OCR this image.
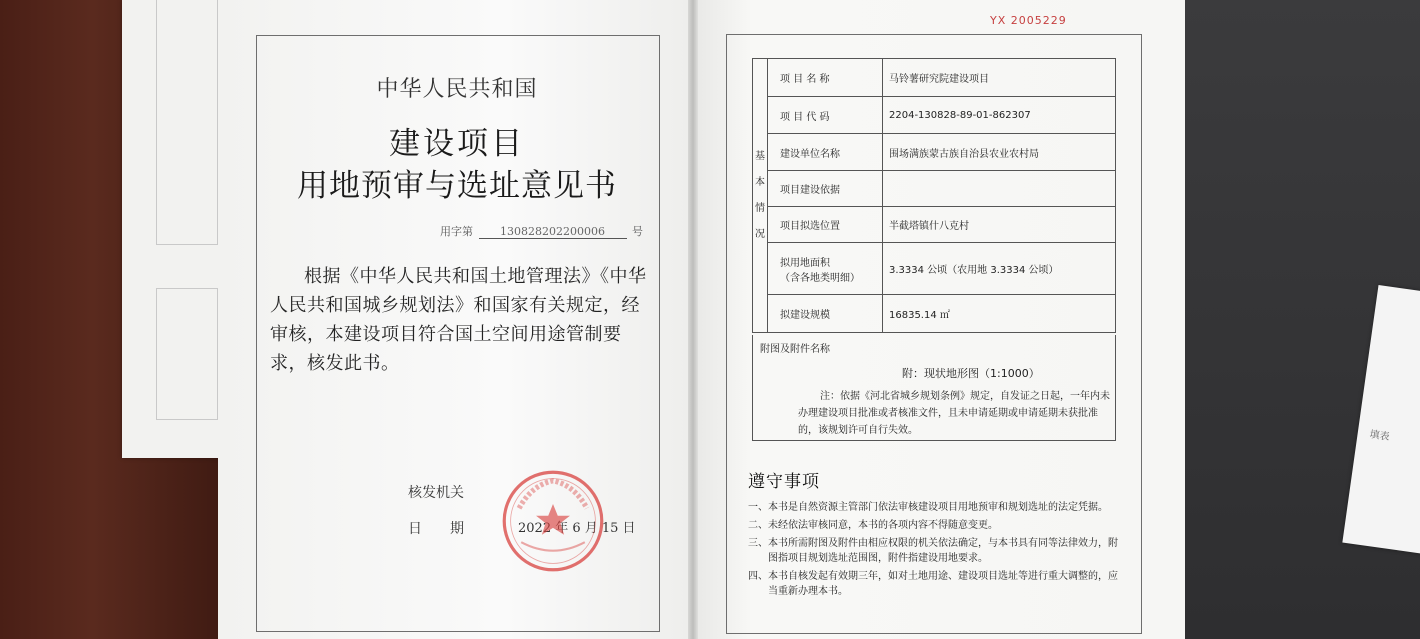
填表
中华人民共和国
建设项目
用地预审与选址意见书
用字第 130828202200006 号
根据《中华人民共和国土地管理法》《中华人民共和国城乡规划法》和国家有关规定，经审核，本建设项目符合国土空间用途管制要求，核发此书。
核发机关
日　　期	2022 年 6 月 15 日
YX 2005229
基
本
情
况	项 目 名 称	马铃薯研究院建设项目
	项 目 代 码	2204-130828-89-01-862307
	建设单位名称	围场满族蒙古族自治县农业农村局
	项目建设依据	
	项目拟选位置	半截塔镇什八克村

	拟用地面积
（含各地类明细）	3.3334 公顷（农用地 3.3334 公顷）
	拟建设规模	16835.14 ㎡
附图及附件名称
附：现状地形图（1:1000）
注：依据《河北省城乡规划条例》规定，自发证之日起，一年内未办理建设项目批准或者核准文件，且未申请延期或申请延期未获批准的，该规划许可自行失效。
遵守事项
一、 本书是自然资源主管部门依法审核建设项目用地预审和规划选址的法定凭据。
二、 未经依法审核同意，本书的各项内容不得随意变更。
三、 本书所需附图及附件由相应权限的机关依法确定，与本书具有同等法律效力，附图指项目规划选址范围图，附件指建设用地要求。
四、 本书自核发起有效期三年，如对土地用途、建设项目选址等进行重大调整的，应当重新办理本书。
